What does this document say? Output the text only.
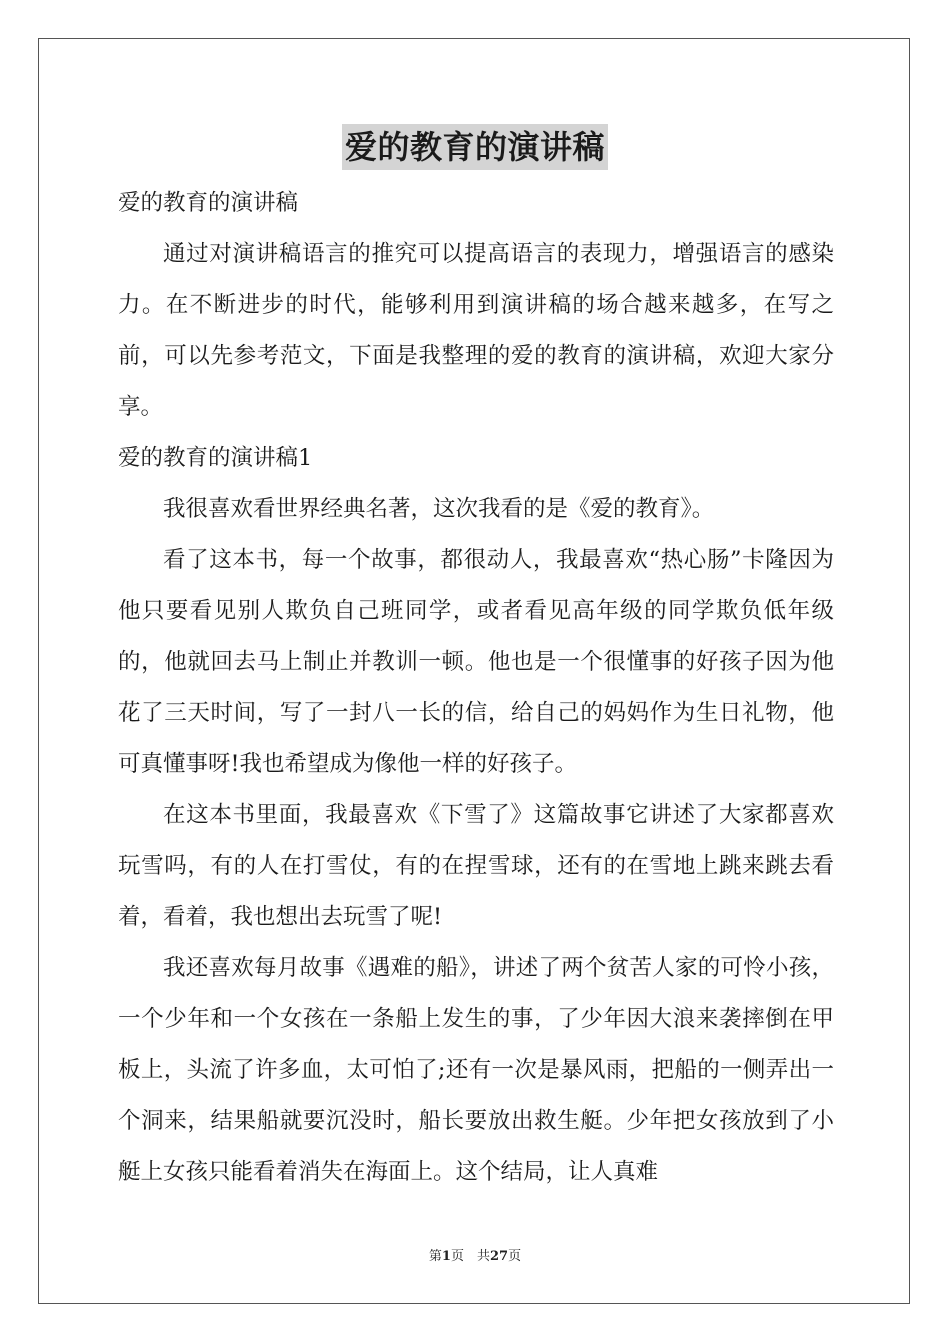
爱的教育的演讲稿

爱的教育的演讲稿

通过对演讲稿语言的推究可以提高语言的表现力，增强语言的感染力。在不断进步的时代，能够利用到演讲稿的场合越来越多，在写之前，可以先参考范文，下面是我整理的爱的教育的演讲稿，欢迎大家分享。

爱的教育的演讲稿1

我很喜欢看世界经典名著，这次我看的是《爱的教育》。

看了这本书，每一个故事，都很动人，我最喜欢“热心肠”卡隆因为他只要看见别人欺负自己班同学，或者看见高年级的同学欺负低年级的，他就回去马上制止并教训一顿。他也是一个很懂事的好孩子因为他花了三天时间，写了一封八一长的信，给自己的妈妈作为生日礼物，他可真懂事呀!我也希望成为像他一样的好孩子。

在这本书里面，我最喜欢《下雪了》这篇故事它讲述了大家都喜欢玩雪吗，有的人在打雪仗，有的在捏雪球，还有的在雪地上跳来跳去看着，看着，我也想出去玩雪了呢!

我还喜欢每月故事《遇难的船》，讲述了两个贫苦人家的可怜小孩，一个少年和一个女孩在一条船上发生的事，了少年因大浪来袭摔倒在甲板上，头流了许多血，太可怕了;还有一次是暴风雨，把船的一侧弄出一个洞来，结果船就要沉没时，船长要放出救生艇。少年把女孩放到了小艇上女孩只能看着消失在海面上。这个结局，让人真难

第1页　共27页
